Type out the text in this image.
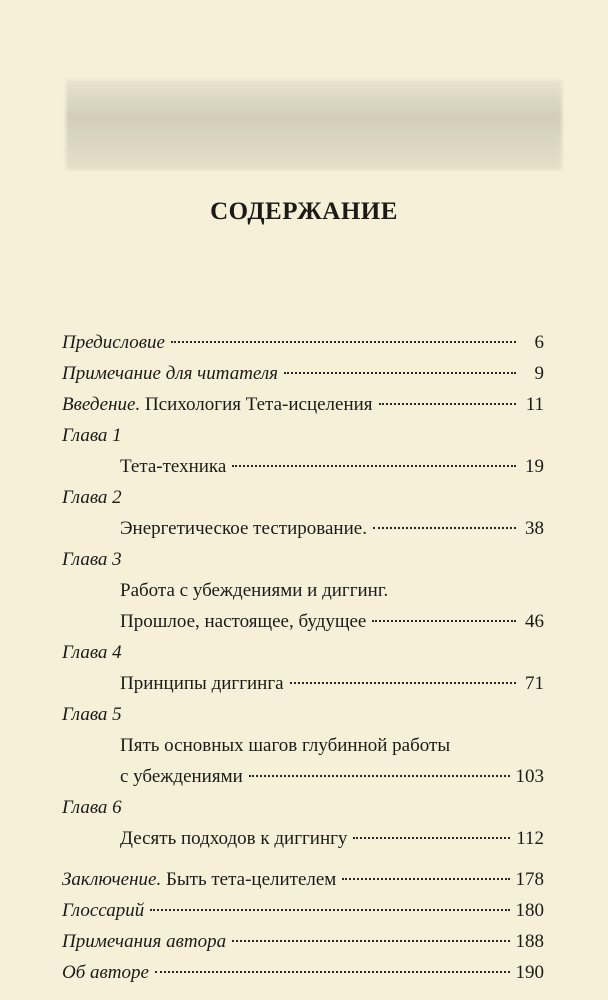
СОДЕРЖАНИЕ
Предисловие	6
Примечание для читателя	9
Введение. Психология Тета-исцеления	11
Глава 1
Тета-техника	19
Глава 2
Энергетическое тестирование.	38
Глава 3
Работа с убеждениями и диггинг.
Прошлое, настоящее, будущее	46
Глава 4
Принципы диггинга	71
Глава 5
Пять основных шагов глубинной работы
с убеждениями	103
Глава 6
Десять подходов к диггингу	112
Заключение. Быть тета-целителем	178
Глоссарий	180
Примечания автора	188
Об авторе	190
